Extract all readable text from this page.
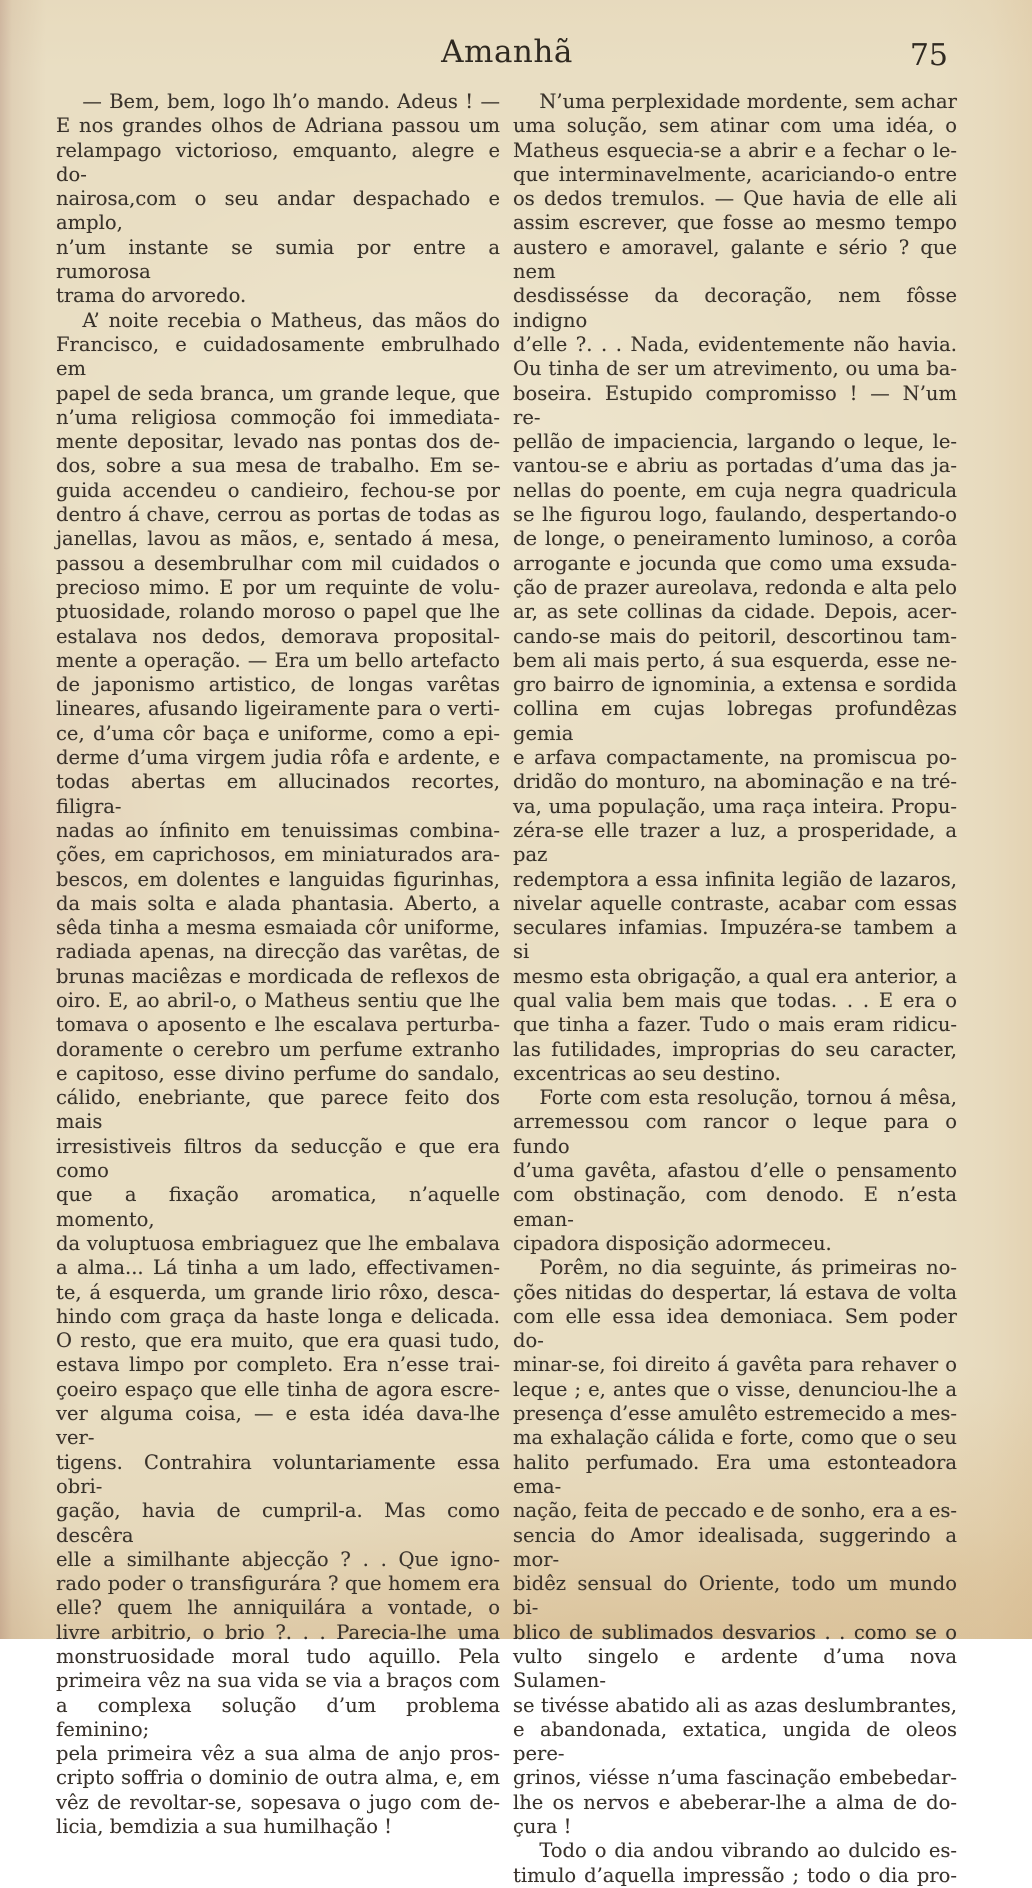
Amanhã	75
— Bem, bem, logo lh’o mando. Adeus ! —
E nos grandes olhos de Adriana passou um
relampago victorioso, emquanto, alegre e do-
nairosa,com o seu andar despachado e amplo,
n’um instante se sumia por entre a rumorosa
trama do arvoredo.
A’ noite recebia o Matheus, das mãos do
Francisco, e cuidadosamente embrulhado em
papel de seda branca, um grande leque, que
n’uma religiosa commoção foi immediata-
mente depositar, levado nas pontas dos de-
dos, sobre a sua mesa de trabalho. Em se-
guida accendeu o candieiro, fechou-se por
dentro á chave, cerrou as portas de todas as
janellas, lavou as mãos, e, sentado á mesa,
passou a desembrulhar com mil cuidados o
precioso mimo. E por um requinte de volu-
ptuosidade, rolando moroso o papel que lhe
estalava nos dedos, demorava proposital-
mente a operação. — Era um bello artefacto
de japonismo artistico, de longas varêtas
lineares, afusando ligeiramente para o verti-
ce, d’uma côr baça e uniforme, como a epi-
derme d’uma virgem judia rôfa e ardente, e
todas abertas em allucinados recortes, filigra-
nadas ao ínfinito em tenuissimas combina-
ções, em caprichosos, em miniaturados ara-
bescos, em dolentes e languidas figurinhas,
da mais solta e alada phantasia. Aberto, a
sêda tinha a mesma esmaiada côr uniforme,
radiada apenas, na direcção das varêtas, de
brunas maciêzas e mordicada de reflexos de
oiro. E, ao abril-o, o Matheus sentiu que lhe
tomava o aposento e lhe escalava perturba-
doramente o cerebro um perfume extranho
e capitoso, esse divino perfume do sandalo,
cálido, enebriante, que parece feito dos mais
irresistiveis filtros da seducção e que era como
que a fixação aromatica, n’aquelle momento,
da voluptuosa embriaguez que lhe embalava
a alma... Lá tinha a um lado, effectivamen-
te, á esquerda, um grande lirio rôxo, desca-
hindo com graça da haste longa e delicada.
O resto, que era muito, que era quasi tudo,
estava limpo por completo. Era n’esse trai-
çoeiro espaço que elle tinha de agora escre-
ver alguma coisa, — e esta idéa dava-lhe ver-
tigens. Contrahira voluntariamente essa obri-
gação, havia de cumpril-a. Mas como descêra
elle a similhante abjecção ? . . Que igno-
rado poder o transfigurára ? que homem era
elle? quem lhe anniquilára a vontade, o
livre arbitrio, o brio ?. . . Parecia-lhe uma
monstruosidade moral tudo aquillo. Pela
primeira vêz na sua vida se via a braços com
a complexa solução d’um problema feminino;
pela primeira vêz a sua alma de anjo pros-
cripto soffria o dominio de outra alma, e, em
vêz de revoltar-se, sopesava o jugo com de-
licia, bemdizia a sua humilhação !
N’uma perplexidade mordente, sem achar
uma solução, sem atinar com uma idéa, o
Matheus esquecia-se a abrir e a fechar o le-
que interminavelmente, acariciando-o entre
os dedos tremulos. — Que havia de elle ali
assim escrever, que fosse ao mesmo tempo
austero e amoravel, galante e sério ? que nem
desdissésse da decoração, nem fôsse indigno
d’elle ?. . . Nada, evidentemente não havia.
Ou tinha de ser um atrevimento, ou uma ba-
boseira. Estupido compromisso ! — N’um re-
pellão de impaciencia, largando o leque, le-
vantou-se e abriu as portadas d’uma das ja-
nellas do poente, em cuja negra quadricula
se lhe figurou logo, faulando, despertando-o
de longe, o peneiramento luminoso, a corôa
arrogante e jocunda que como uma exsuda-
ção de prazer aureolava, redonda e alta pelo
ar, as sete collinas da cidade. Depois, acer-
cando-se mais do peitoril, descortinou tam-
bem ali mais perto, á sua esquerda, esse ne-
gro bairro de ignominia, a extensa e sordida
collina em cujas lobregas profundêzas gemia
e arfava compactamente, na promiscua po-
dridão do monturo, na abominação e na tré-
va, uma população, uma raça inteira. Propu-
zéra-se elle trazer a luz, a prosperidade, a paz
redemptora a essa infinita legião de lazaros,
nivelar aquelle contraste, acabar com essas
seculares infamias. Impuzéra-se tambem a si
mesmo esta obrigação, a qual era anterior, a
qual valia bem mais que todas. . . E era o
que tinha a fazer. Tudo o mais eram ridicu-
las futilidades, improprias do seu caracter,
excentricas ao seu destino.
Forte com esta resolução, tornou á mêsa,
arremessou com rancor o leque para o fundo
d’uma gavêta, afastou d’elle o pensamento
com obstinação, com denodo. E n’esta eman-
cipadora disposição adormeceu.
Porêm, no dia seguinte, ás primeiras no-
ções nitidas do despertar, lá estava de volta
com elle essa idea demoniaca. Sem poder do-
minar-se, foi direito á gavêta para rehaver o
leque ; e, antes que o visse, denunciou-lhe a
presença d’esse amulêto estremecido a mes-
ma exhalação cálida e forte, como que o seu
halito perfumado. Era uma estonteadora ema-
nação, feita de peccado e de sonho, era a es-
sencia do Amor idealisada, suggerindo a mor-
bidêz sensual do Oriente, todo um mundo bi-
blico de sublimados desvarios . . como se o
vulto singelo e ardente d’uma nova Sulamen-
se tivésse abatido ali as azas deslumbrantes,
e abandonada, extatica, ungida de oleos pere-
grinos, viésse n’uma fascinação embebedar-
lhe os nervos e abeberar-lhe a alma de do-
çura !
Todo o dia andou vibrando ao dulcido es-
timulo d’aquella impressão ; todo o dia pro-
